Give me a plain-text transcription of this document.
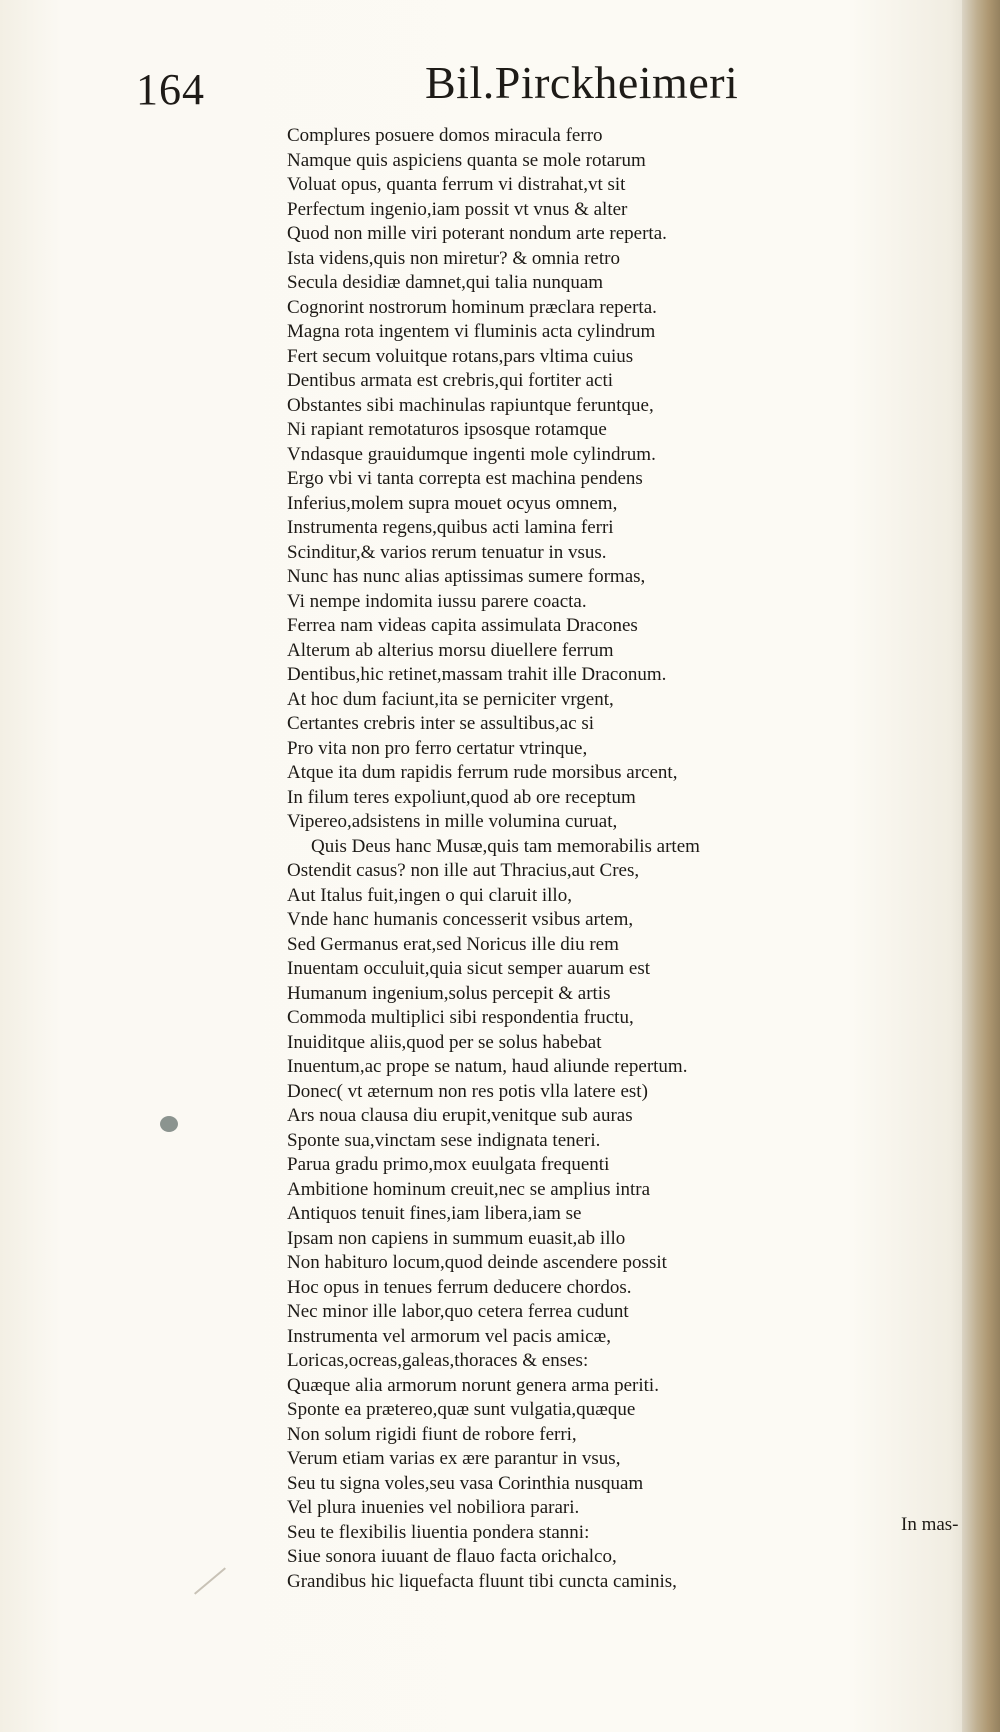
164	Bil.Pirckheimeri
Complures posuere domos miracula ferro
Namque quis aspiciens quanta se mole rotarum
Voluat opus, quanta ferrum vi distrahat,vt sit
Perfectum ingenio,iam possit vt vnus & alter
Quod non mille viri poterant nondum arte reperta.
Ista videns,quis non miretur? & omnia retro
Secula desidiæ damnet,qui talia nunquam
Cognorint nostrorum hominum præclara reperta.
Magna rota ingentem vi fluminis acta cylindrum
Fert secum voluitque rotans,pars vltima cuius
Dentibus armata est crebris,qui fortiter acti
Obstantes sibi machinulas rapiuntque feruntque,
Ni rapiant remotaturos ipsosque rotamque
Vndasque grauidumque ingenti mole cylindrum.
Ergo vbi vi tanta correpta est machina pendens
Inferius,molem supra mouet ocyus omnem,
Instrumenta regens,quibus acti lamina ferri
Scinditur,& varios rerum tenuatur in vsus.
Nunc has nunc alias aptissimas sumere formas,
Vi nempe indomita iussu parere coacta.
Ferrea nam videas capita assimulata Dracones
Alterum ab alterius morsu diuellere ferrum
Dentibus,hic retinet,massam trahit ille Draconum.
At hoc dum faciunt,ita se perniciter vrgent,
Certantes crebris inter se assultibus,ac si
Pro vita non pro ferro certatur vtrinque,
Atque ita dum rapidis ferrum rude morsibus arcent,
In filum teres expoliunt,quod ab ore receptum
Vipereo,adsistens in mille volumina curuat,
Quis Deus hanc Musæ,quis tam memorabilis artem
Ostendit casus? non ille aut Thracius,aut Cres,
Aut Italus fuit,ingen o qui claruit illo,
Vnde hanc humanis concesserit vsibus artem,
Sed Germanus erat,sed Noricus ille diu rem
Inuentam occuluit,quia sicut semper auarum est
Humanum ingenium,solus percepit & artis
Commoda multiplici sibi respondentia fructu,
Inuiditque aliis,quod per se solus habebat
Inuentum,ac prope se natum, haud aliunde repertum.
Donec( vt æternum non res potis vlla latere est)
Ars noua clausa diu erupit,venitque sub auras
Sponte sua,vinctam sese indignata teneri.
Parua gradu primo,mox euulgata frequenti
Ambitione hominum creuit,nec se amplius intra
Antiquos tenuit fines,iam libera,iam se
Ipsam non capiens in summum euasit,ab illo
Non habituro locum,quod deinde ascendere possit
Hoc opus in tenues ferrum deducere chordos.
Nec minor ille labor,quo cetera ferrea cudunt
Instrumenta vel armorum vel pacis amicæ,
Loricas,ocreas,galeas,thoraces & enses:
Quæque alia armorum norunt genera arma periti.
Sponte ea prætereo,quæ sunt vulgatia,quæque
Non solum rigidi fiunt de robore ferri,
Verum etiam varias ex ære parantur in vsus,
Seu tu signa voles,seu vasa Corinthia nusquam
Vel plura inuenies vel nobiliora parari.
Seu te flexibilis liuentia pondera stanni:
Siue sonora iuuant de flauo facta orichalco,
Grandibus hic liquefacta fluunt tibi cuncta caminis,
In mas-
